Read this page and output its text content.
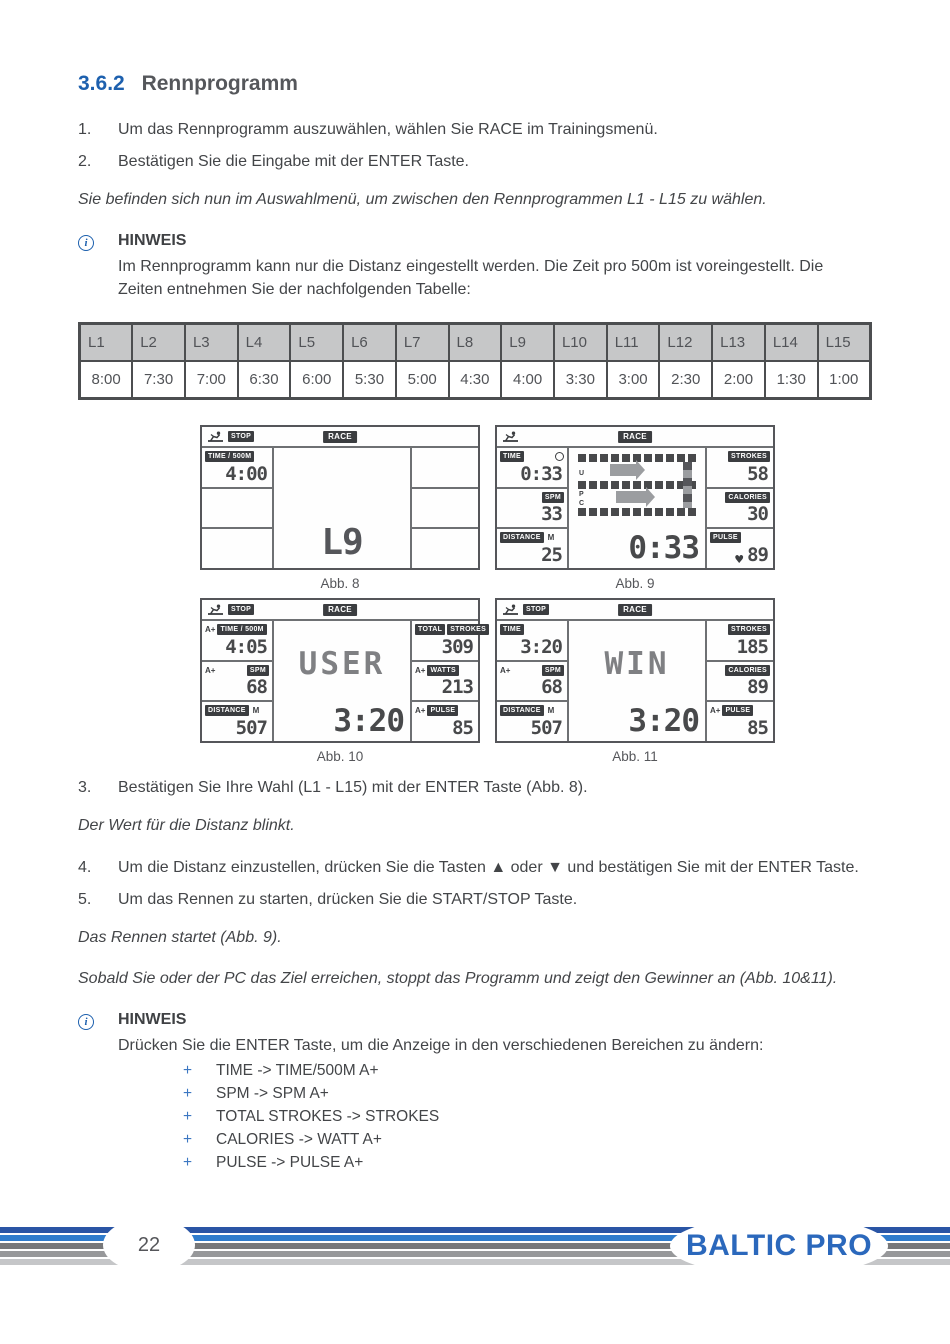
3.6.2 Rennprogramm
1.	Um das Rennprogramm auszuwählen, wählen Sie RACE im Trainingsmenü.
2.	Bestätigen Sie die Eingabe mit der ENTER Taste.
Sie befinden sich nun im Auswahlmenü, um zwischen den Rennprogrammen L1 - L15 zu wählen.
i	HINWEIS
Im Rennprogramm kann nur die Distanz eingestellt werden. Die Zeit pro 500m ist voreingestellt. Die Zeiten entnehmen Sie der nachfolgenden Tabelle:
L1	L2	L3	L4	L5	L6	L7	L8	L9	L10	L11	L12	L13	L14	L15
8:00	7:30	7:00	6:30	6:00	5:30	5:00	4:30	4:00	3:30	3:00	2:30	2:00	1:30	1:00
STOP	RACE
TIME / 500M
4:00
L9
Abb. 8
RACE
TIME
0:33
SPM
33
DISTANCE M
25
U
P
C
0:33
STROKES
58
CALORIES
30
PULSE
♥ 89
Abb. 9
STOP	RACE
A+ TIME / 500M
4:05
A+	SPM
68
DISTANCE M
507
USER
3:20
TOTAL	STROKES
309
A+ WATTS
213
A+ PULSE
85
Abb. 10
STOP	RACE
TIME
3:20
A+	SPM
68
DISTANCE M
507
WIN
3:20
STROKES
185
CALORIES
89
A+ PULSE
85
Abb. 11
3.	Bestätigen Sie Ihre Wahl (L1 - L15) mit der ENTER Taste (Abb. 8).
Der Wert für die Distanz blinkt.
4.	Um die Distanz einzustellen, drücken Sie die Tasten ▲ oder ▼ und bestätigen Sie mit der ENTER Taste.
5.	Um das Rennen zu starten, drücken Sie die START/STOP Taste.
Das Rennen startet (Abb. 9).
Sobald Sie oder der PC das Ziel erreichen, stoppt das Programm und zeigt den Gewinner an (Abb. 10&11).
i	HINWEIS
Drücken Sie die ENTER Taste, um die Anzeige in den verschiedenen Bereichen zu ändern:
+	TIME -> TIME/500M A+
+	SPM -> SPM A+
+	TOTAL STROKES -> STROKES
+	CALORIES -> WATT A+
+	PULSE -> PULSE A+
22	BALTIC PRO
